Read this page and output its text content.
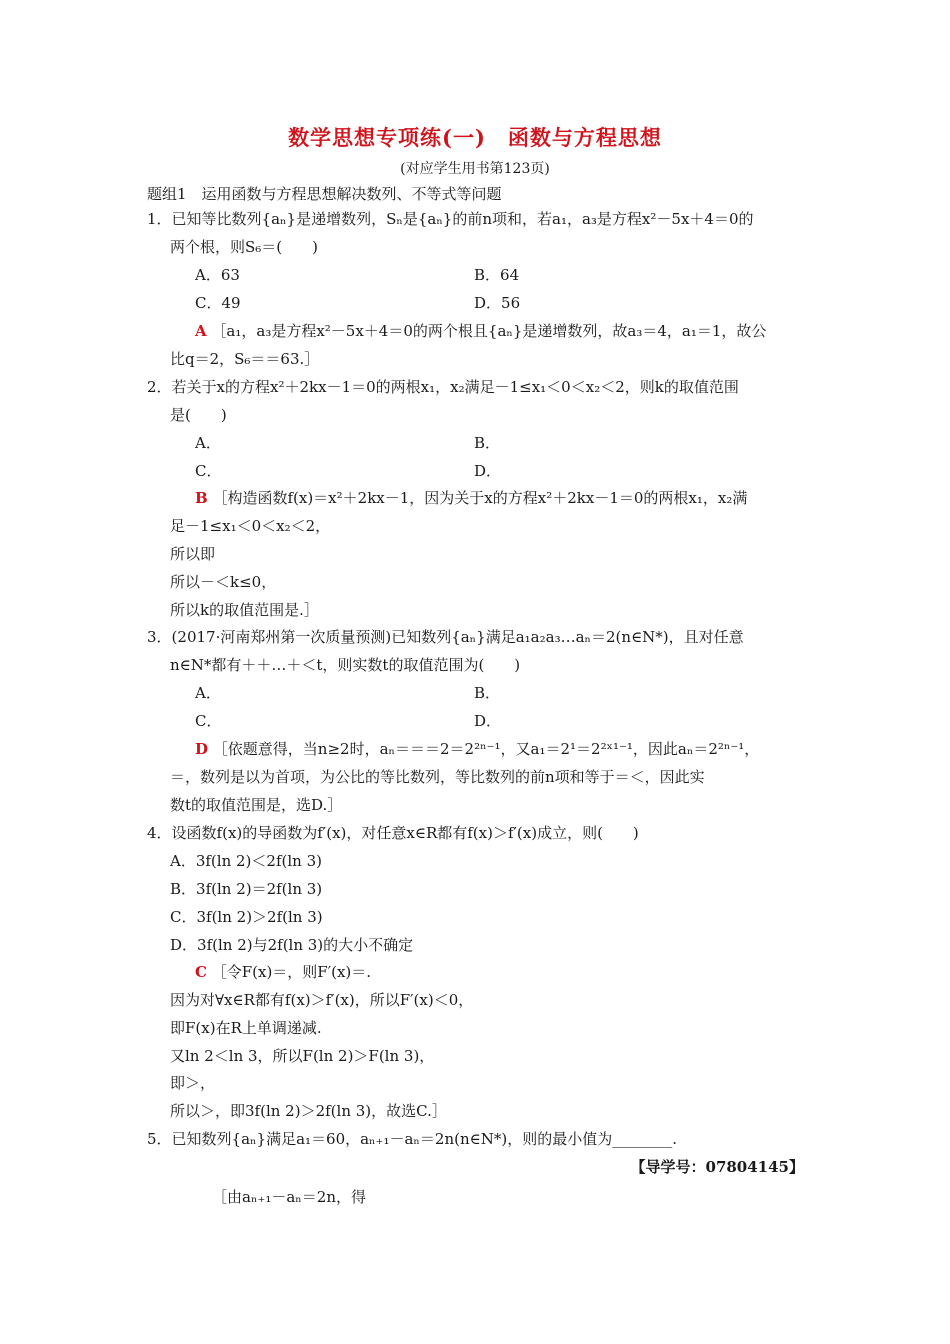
数学思想专项练(一)　函数与方程思想
(对应学生用书第123页)
题组1　运用函数与方程思想解决数列、不等式等问题
1．已知等比数列{aₙ}是递增数列，Sₙ是{aₙ}的前n项和，若a₁，a₃是方程x²－5x＋4＝0的
两个根，则S₆＝(　　)
A．63	B．64
C．49	D．56
A ［a₁，a₃是方程x²－5x＋4＝0的两个根且{aₙ}是递增数列，故a₃＝4，a₁＝1，故公
比q＝2，S₆＝＝63.］
2．若关于x的方程x²＋2kx－1＝0的两根x₁，x₂满足－1≤x₁＜0＜x₂＜2，则k的取值范围
是(　　)
A．	B．
C．	D．
B ［构造函数f(x)＝x²＋2kx－1，因为关于x的方程x²＋2kx－1＝0的两根x₁，x₂满
足－1≤x₁＜0＜x₂＜2，
所以即
所以－＜k≤0，
所以k的取值范围是.］
3．(2017·河南郑州第一次质量预测)已知数列{aₙ}满足a₁a₂a₃…aₙ＝2(n∈N*)，且对任意
n∈N*都有＋＋…＋＜t，则实数t的取值范围为(　　)
A．	B．
C．	D．
D ［依题意得，当n≥2时，aₙ＝＝＝2＝2²ⁿ⁻¹，又a₁＝2¹＝2²ˣ¹⁻¹，因此aₙ＝2²ⁿ⁻¹，
＝，数列是以为首项，为公比的等比数列，等比数列的前n项和等于＝＜，因此实
数t的取值范围是，选D.］
4．设函数f(x)的导函数为f′(x)，对任意x∈R都有f(x)＞f′(x)成立，则(　　)
A．3f(ln 2)＜2f(ln 3)
B．3f(ln 2)＝2f(ln 3)
C．3f(ln 2)＞2f(ln 3)
D．3f(ln 2)与2f(ln 3)的大小不确定
C ［令F(x)＝，则F′(x)＝.
因为对∀x∈R都有f(x)＞f′(x)，所以F′(x)＜0，
即F(x)在R上单调递减.
又ln 2＜ln 3，所以F(ln 2)＞F(ln 3)，
即＞，
所以＞，即3f(ln 2)＞2f(ln 3)，故选C.］
5．已知数列{aₙ}满足a₁＝60，aₙ₊₁－aₙ＝2n(n∈N*)，则的最小值为________.
【导学号：07804145】
［由aₙ₊₁－aₙ＝2n，得
